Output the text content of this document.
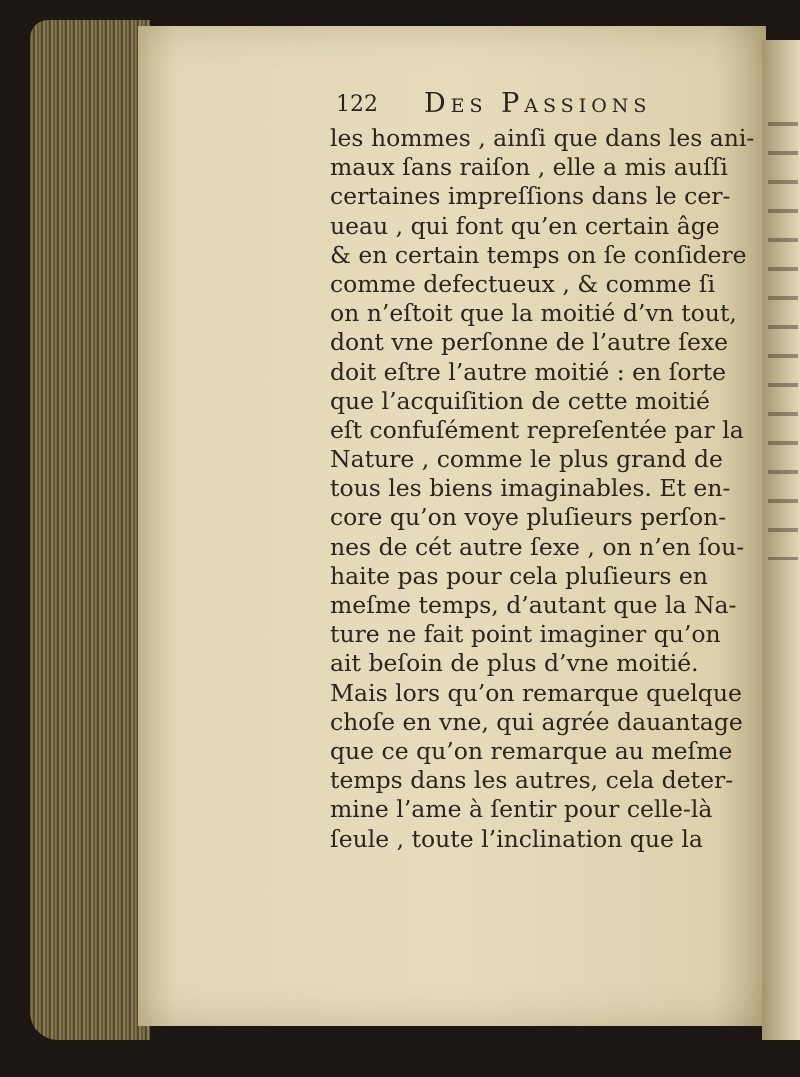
122 Des Passions
les hommes , ainſi que dans les ani-
maux ſans raiſon , elle a mis auſſi
certaines impreſſions dans le cer-
ueau , qui font qu’en certain âge
& en certain temps on ſe conſidere
comme defectueux , & comme ſi
on n’eſtoit que la moitié d’vn tout,
dont vne perſonne de l’autre ſexe
doit eſtre l’autre moitié : en ſorte
que l’acquiſition de cette moitié
eſt confuſément repreſentée par la
Nature , comme le plus grand de
tous les biens imaginables. Et en-
core qu’on voye pluſieurs perſon-
nes de cét autre ſexe , on n’en ſou-
haite pas pour cela pluſieurs en
meſme temps, d’autant que la Na-
ture ne fait point imaginer qu’on
ait beſoin de plus d’vne moitié.
Mais lors qu’on remarque quelque
choſe en vne, qui agrée dauantage
que ce qu’on remarque au meſme
temps dans les autres, cela deter-
mine l’ame à ſentir pour celle-là
ſeule , toute l’inclination que la
